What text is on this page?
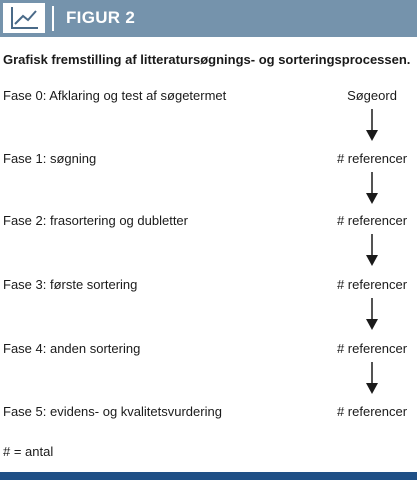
FIGUR 2
Grafisk fremstilling af litteratursøgnings- og sorteringsprocessen.
Fase 0: Afklaring og test af søgetermet	Søgeord
Fase 1: søgning	# referencer
Fase 2: frasortering og dubletter	# referencer
Fase 3: første sortering	# referencer
Fase 4: anden sortering	# referencer
Fase 5: evidens- og kvalitetsvurdering	# referencer
# = antal
